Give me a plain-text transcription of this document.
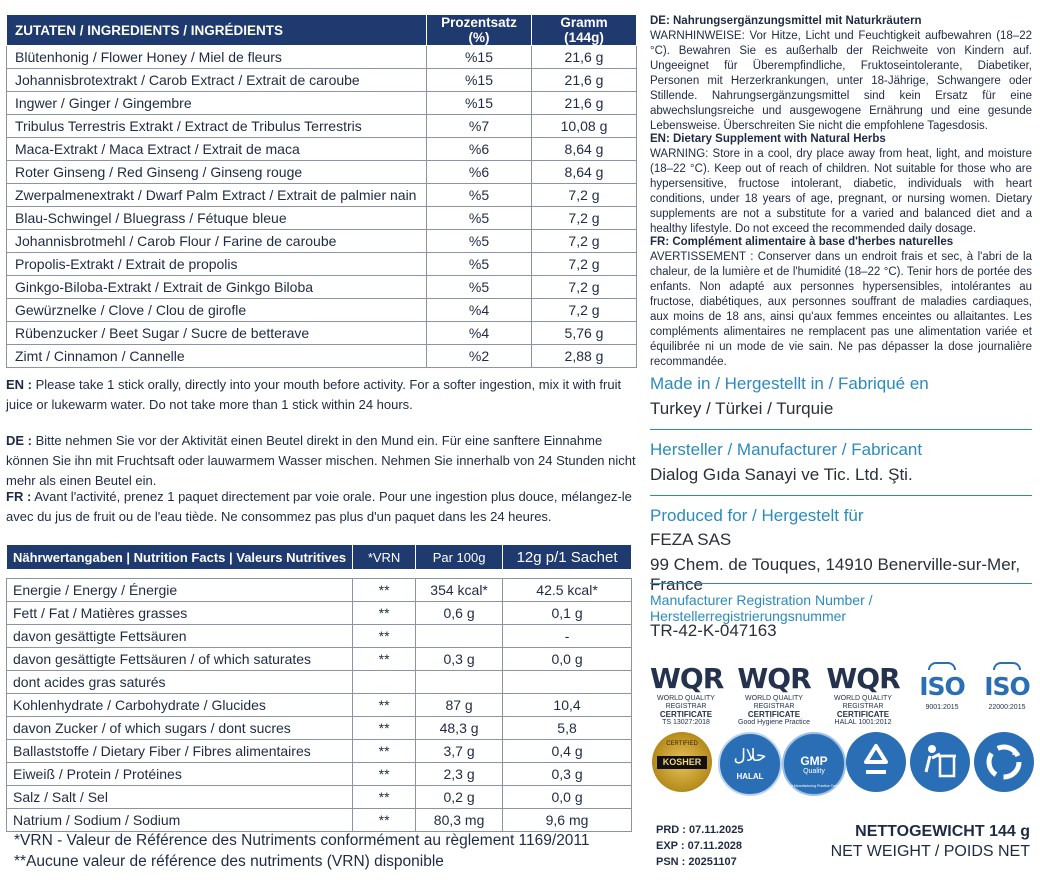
ZUTATEN / INGREDIENTS / INGRÉDIENTS	Prozentsatz (%)	Gramm (144g)
Blütenhonig / Flower Honey / Miel de fleurs	%15	21,6 g
Johannisbrotextrakt / Carob Extract / Extrait de caroube	%15	21,6 g
Ingwer / Ginger / Gingembre	%15	21,6 g
Tribulus Terrestris Extrakt / Extract de Tribulus Terrestris	%7	10,08 g
Maca-Extrakt / Maca Extract / Extrait de maca	%6	8,64 g
Roter Ginseng / Red Ginseng / Ginseng rouge	%6	8,64 g
Zwerpalmenextrakt / Dwarf Palm Extract / Extrait de palmier nain	%5	7,2 g
Blau-Schwingel / Bluegrass / Fétuque bleue	%5	7,2 g
Johannisbrotmehl / Carob Flour / Farine de caroube	%5	7,2 g
Propolis-Extrakt / Extrait de propolis	%5	7,2 g
Ginkgo-Biloba-Extrakt / Extrait de Ginkgo Biloba	%5	7,2 g
Gewürznelke / Clove / Clou de girofle	%4	7,2 g
Rübenzucker / Beet Sugar / Sucre de betterave	%4	5,76 g
Zimt / Cinnamon / Cannelle	%2	2,88 g
EN : Please take 1 stick orally, directly into your mouth before activity. For a softer ingestion, mix it with fruit juice or lukewarm water. Do not take more than 1 stick within 24 hours.
DE : Bitte nehmen Sie vor der Aktivität einen Beutel direkt in den Mund ein. Für eine sanftere Einnahme können Sie ihn mit Fruchtsaft oder lauwarmem Wasser mischen. Nehmen Sie innerhalb von 24 Stunden nicht mehr als einen Beutel ein.
FR : Avant l'activité, prenez 1 paquet directement par voie orale. Pour une ingestion plus douce, mélangez-le avec du jus de fruit ou de l'eau tiède. Ne consommez pas plus d'un paquet dans les 24 heures.
Nährwertangaben | Nutrition Facts | Valeurs Nutritives	*VRN	Par 100g	12g p/1 Sachet

Energie / Energy / Énergie	**	354 kcal*	42.5 kcal*
Fett / Fat / Matières grasses	**	0,6 g	0,1 g
davon gesättigte Fettsäuren	**		-
davon gesättigte Fettsäuren / of which saturates	**	0,3 g	0,0 g
dont acides gras saturés			
Kohlenhydrate / Carbohydrate / Glucides	**	87 g	10,4
davon Zucker / of which sugars / dont sucres	**	48,3 g	5,8
Ballaststoffe / Dietary Fiber / Fibres alimentaires	**	3,7 g	0,4 g
Eiweiß / Protein / Protéines	**	2,3 g	0,3 g
Salz / Salt / Sel	**	0,2 g	0,0 g
Natrium / Sodium / Sodium	**	80,3 mg	9,6 mg
*VRN - Valeur de Référence des Nutriments conformément au règlement 1169/2011
**Aucune valeur de référence des nutriments (VRN) disponible
DE: Nahrungsergänzungsmittel mit Naturkräutern
WARNHINWEISE: Vor Hitze, Licht und Feuchtigkeit aufbewahren (18–22 °C). Bewahren Sie es außerhalb der Reichweite von Kindern auf. Ungeeignet für Überempfindliche, Fruktoseintolerante, Diabetiker, Personen mit Herzerkrankungen, unter 18-Jährige, Schwangere oder Stillende. Nahrungsergänzungsmittel sind kein Ersatz für eine abwechslungsreiche und ausgewogene Ernährung und eine gesunde Lebensweise. Überschreiten Sie nicht die empfohlene Tagesdosis.
EN: Dietary Supplement with Natural Herbs
WARNING: Store in a cool, dry place away from heat, light, and moisture (18–22 °C). Keep out of reach of children. Not suitable for those who are hypersensitive, fructose intolerant, diabetic, individuals with heart conditions, under 18 years of age, pregnant, or nursing women. Dietary supplements are not a substitute for a varied and balanced diet and a healthy lifestyle. Do not exceed the recommended daily dosage.
FR: Complément alimentaire à base d'herbes naturelles
AVERTISSEMENT : Conserver dans un endroit frais et sec, à l'abri de la chaleur, de la lumière et de l'humidité (18–22 °C). Tenir hors de portée des enfants. Non adapté aux personnes hypersensibles, intolérantes au fructose, diabétiques, aux personnes souffrant de maladies cardiaques, aux moins de 18 ans, ainsi qu'aux femmes enceintes ou allaitantes. Les compléments alimentaires ne remplacent pas une alimentation variée et équilibrée ni un mode de vie sain. Ne pas dépasser la dose journalière recommandée.
Made in / Hergestellt in / Fabriqué en
Turkey / Türkei / Turquie
Hersteller / Manufacturer / Fabricant
Dialog Gıda Sanayi ve Tic. Ltd. Şti.
Produced for / Hergestelt für
FEZA SAS
99 Chem. de Touques, 14910 Benerville-sur-Mer, France
Manufacturer Registration Number / Herstellerregistrierungsnummer
TR-42-K-047163
WQR
WORLD QUALITY REGISTRAR
CERTIFICATE
TS 13027:2018
WQR
WORLD QUALITY REGISTRAR
CERTIFICATE
Good Hygiene Practice
WQR
WORLD QUALITY REGISTRAR
CERTIFICATE
HALAL 1001:2012
ISO
9001:2015
ISO
22000:2015
CERTIFIED
KOSHER	حلال
HALAL
GMP
Quality
Good Manufacturing Practice Certified
PRD : 07.11.2025
EXP : 07.11.2028
PSN : 20251107
NETTOGEWICHT 144 g
NET WEIGHT / POIDS NET
